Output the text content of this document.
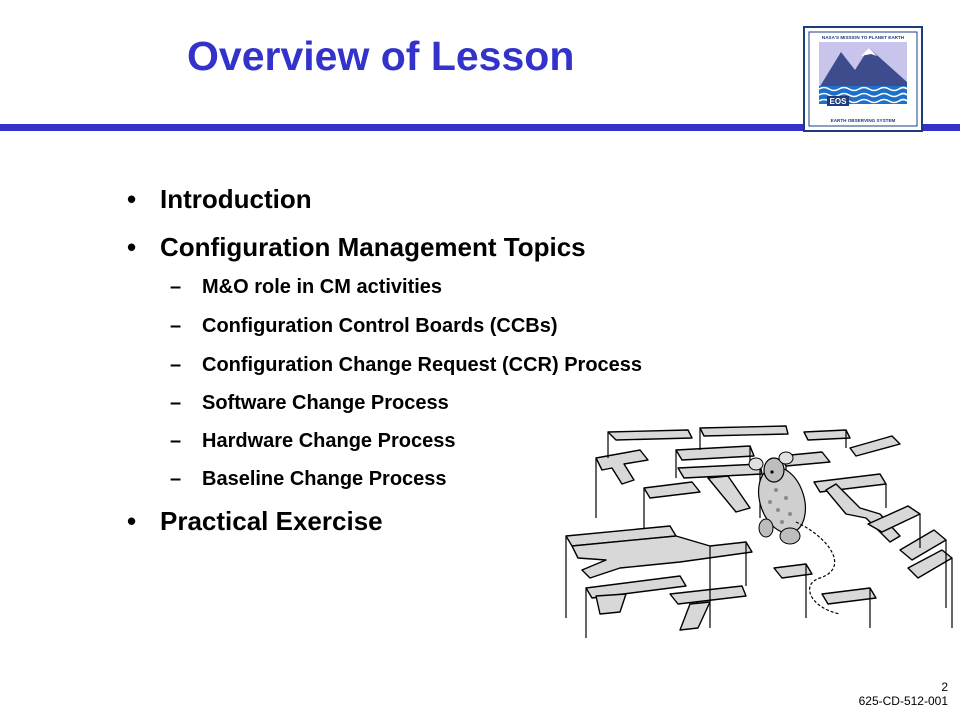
Overview of Lesson	NASA'S MISSION TO PLANET EARTH
EOS
EARTH OBSERVING SYSTEM
• Introduction
• Configuration Management Topics
– M&O role in CM activities
– Configuration Control Boards (CCBs)
– Configuration Change Request (CCR) Process
– Software Change Process
– Hardware Change Process
– Baseline Change Process
• Practical Exercise
2
625-CD-512-001
